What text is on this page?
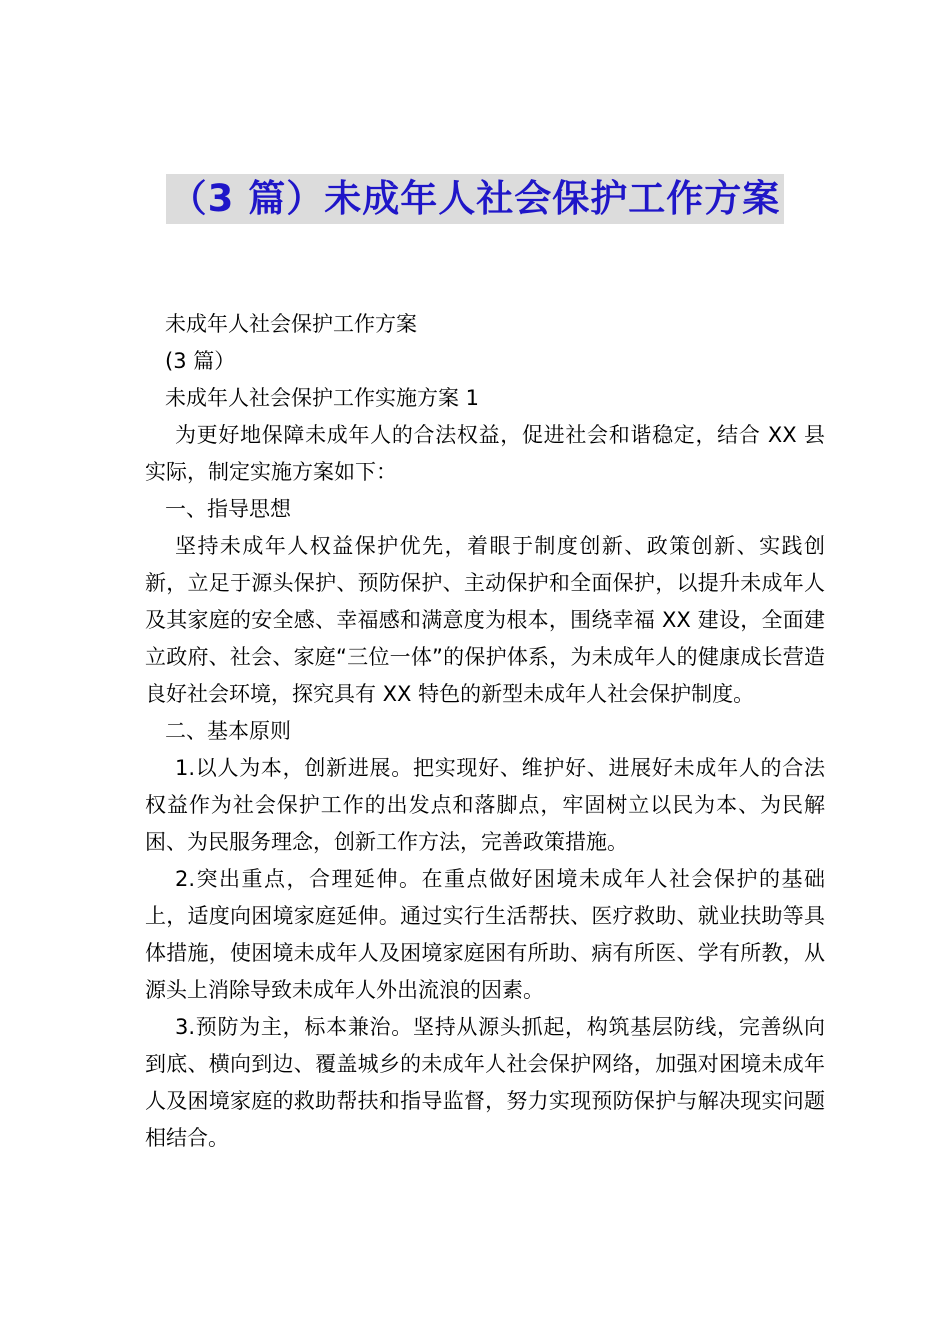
（3 篇）未成年人社会保护工作方案

未成年人社会保护工作方案

(3 篇）

未成年人社会保护工作实施方案 1

为更好地保障未成年人的合法权益，促进社会和谐稳定，结合 XX 县实际，制定实施方案如下：

一、指导思想

坚持未成年人权益保护优先，着眼于制度创新、政策创新、实践创新，立足于源头保护、预防保护、主动保护和全面保护，以提升未成年人及其家庭的安全感、幸福感和满意度为根本，围绕幸福 XX 建设，全面建立政府、社会、家庭“三位一体”的保护体系，为未成年人的健康成长营造良好社会环境，探究具有 XX 特色的新型未成年人社会保护制度。

二、基本原则

1.以人为本，创新进展。把实现好、维护好、进展好未成年人的合法权益作为社会保护工作的出发点和落脚点，牢固树立以民为本、为民解困、为民服务理念，创新工作方法，完善政策措施。

2.突出重点，合理延伸。在重点做好困境未成年人社会保护的基础上，适度向困境家庭延伸。通过实行生活帮扶、医疗救助、就业扶助等具体措施，使困境未成年人及困境家庭困有所助、病有所医、学有所教，从源头上消除导致未成年人外出流浪的因素。

3.预防为主，标本兼治。坚持从源头抓起，构筑基层防线，完善纵向到底、横向到边、覆盖城乡的未成年人社会保护网络，加强对困境未成年人及困境家庭的救助帮扶和指导监督，努力实现预防保护与解决现实问题相结合。
